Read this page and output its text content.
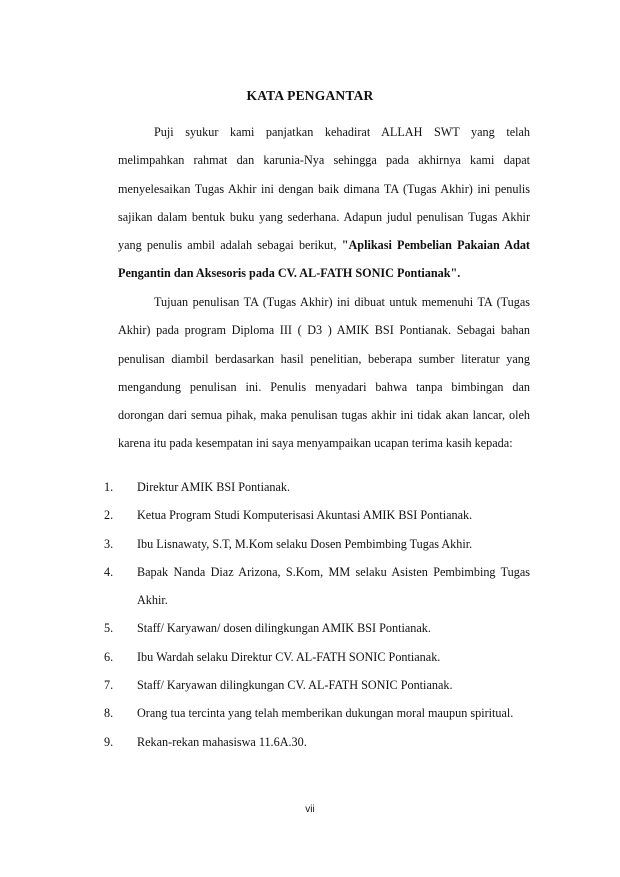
KATA PENGANTAR

Puji syukur kami panjatkan kehadirat ALLAH SWT yang telah melimpahkan rahmat dan karunia-Nya sehingga pada akhirnya kami dapat menyelesaikan Tugas Akhir ini dengan baik dimana TA (Tugas Akhir) ini penulis sajikan dalam bentuk buku yang sederhana. Adapun judul penulisan Tugas Akhir yang penulis ambil adalah sebagai berikut, "Aplikasi Pembelian Pakaian Adat Pengantin dan Aksesoris pada CV. AL-FATH SONIC Pontianak".

Tujuan penulisan TA (Tugas Akhir) ini dibuat untuk memenuhi TA (Tugas Akhir) pada program Diploma III ( D3 ) AMIK BSI Pontianak. Sebagai bahan penulisan diambil berdasarkan hasil penelitian, beberapa sumber literatur yang mengandung penulisan ini. Penulis menyadari bahwa tanpa bimbingan dan dorongan dari semua pihak, maka penulisan tugas akhir ini tidak akan lancar, oleh karena itu pada kesempatan ini saya menyampaikan ucapan terima kasih kepada:

1. Direktur AMIK BSI Pontianak.
2. Ketua Program Studi Komputerisasi Akuntasi AMIK BSI Pontianak.
3. Ibu Lisnawaty, S.T, M.Kom selaku Dosen Pembimbing Tugas Akhir.
4. Bapak Nanda Diaz Arizona, S.Kom, MM selaku Asisten Pembimbing Tugas Akhir.
5. Staff/ Karyawan/ dosen dilingkungan AMIK BSI Pontianak.
6. Ibu Wardah selaku Direktur CV. AL-FATH SONIC Pontianak.
7. Staff/ Karyawan dilingkungan CV. AL-FATH SONIC Pontianak.
8. Orang tua tercinta yang telah memberikan dukungan moral maupun spiritual.
9. Rekan-rekan mahasiswa 11.6A.30.
vii
